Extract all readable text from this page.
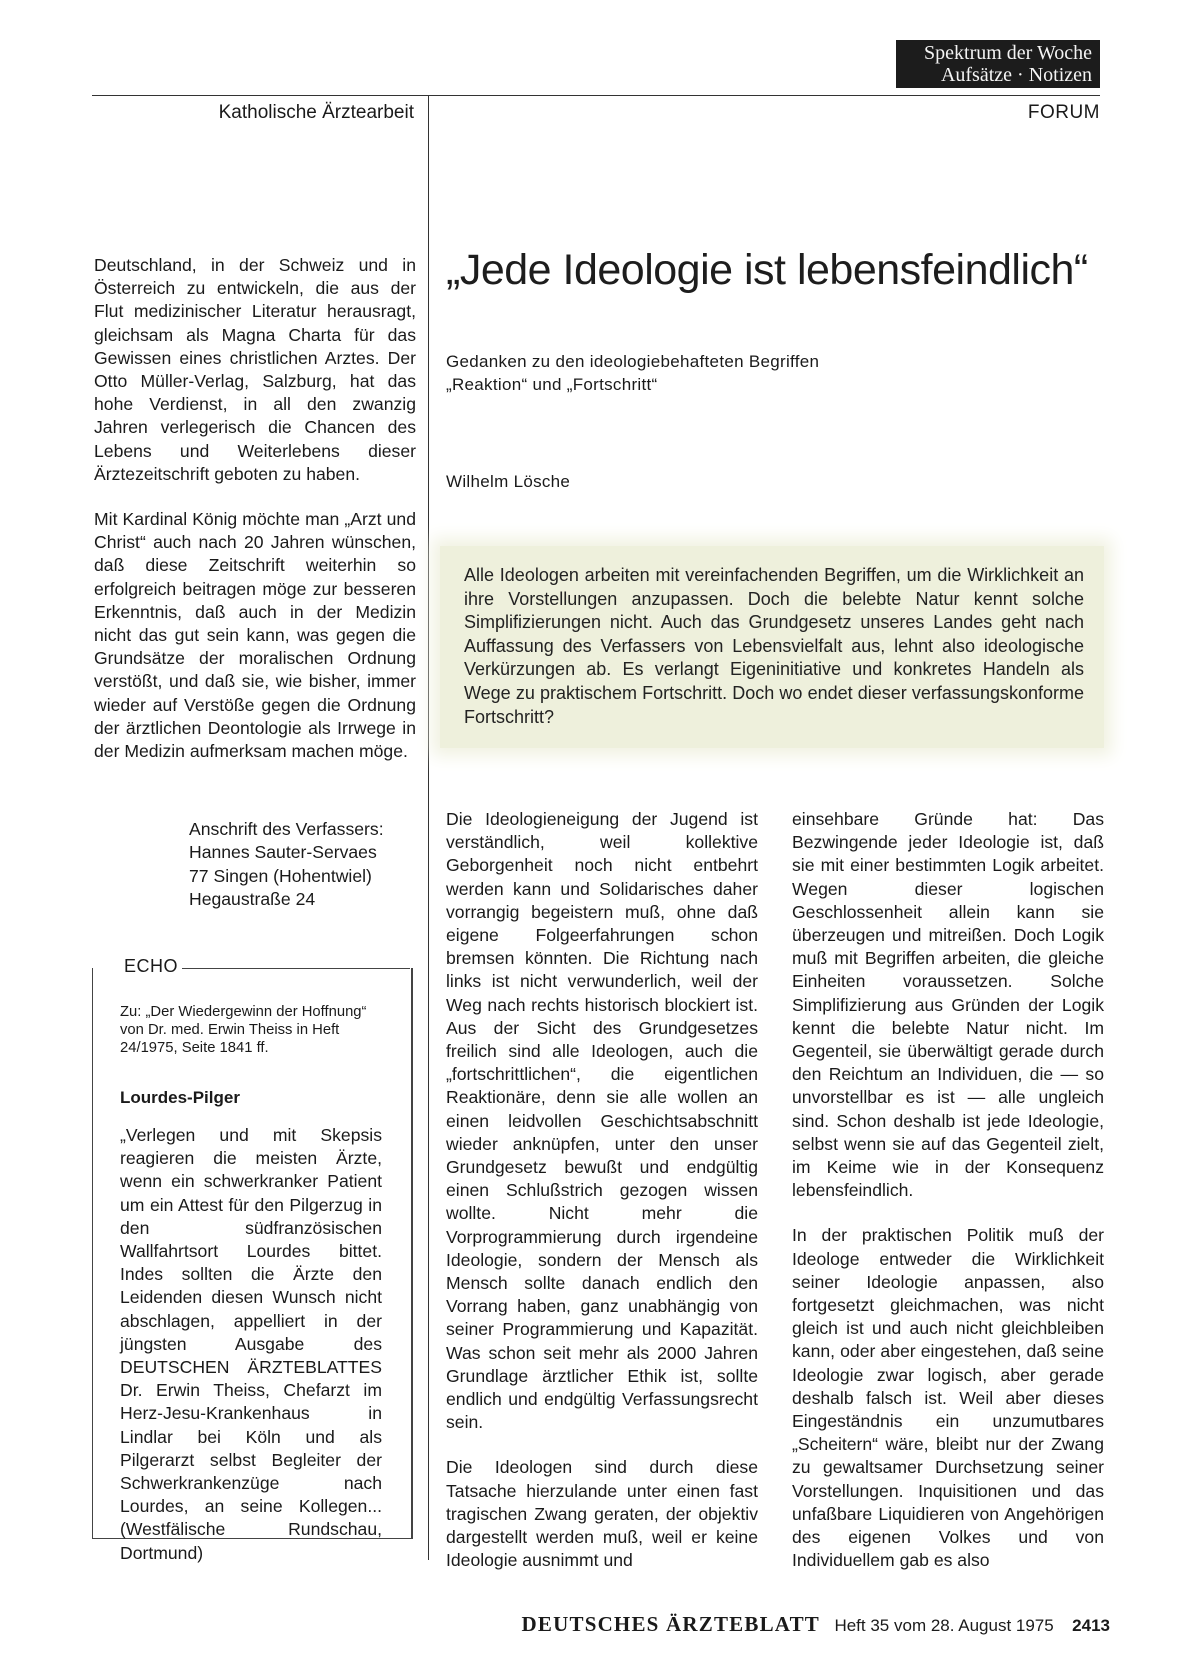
Spektrum der Woche
Aufsätze · Notizen
Katholische Ärztearbeit	FORUM

Deutschland, in der Schweiz und in Österreich zu entwickeln, die aus der Flut medizinischer Literatur herausragt, gleichsam als Magna Charta für das Gewissen eines christlichen Arztes. Der Otto Müller-Verlag, Salzburg, hat das hohe Verdienst, in all den zwanzig Jahren verlegerisch die Chancen des Lebens und Weiterlebens dieser Ärztezeitschrift geboten zu haben.

Mit Kardinal König möchte man „Arzt und Christ“ auch nach 20 Jahren wünschen, daß diese Zeitschrift weiterhin so erfolgreich beitragen möge zur besseren Erkenntnis, daß auch in der Medizin nicht das gut sein kann, was gegen die Grundsätze der moralischen Ordnung verstößt, und daß sie, wie bisher, immer wieder auf Verstöße gegen die Ordnung der ärztlichen Deontologie als Irrwege in der Medizin aufmerksam machen möge.

Anschrift des Verfassers:
Hannes Sauter-Servaes
77 Singen (Hohentwiel)
Hegaustraße 24
ECHO
Zu: „Der Wiedergewinn der Hoffnung“ von Dr. med. Erwin Theiss in Heft 24/1975, Seite 1841 ff.
Lourdes-Pilger
„Verlegen und mit Skepsis reagieren die meisten Ärzte, wenn ein schwerkranker Patient um ein Attest für den Pilgerzug in den südfranzösischen Wallfahrtsort Lourdes bittet. Indes sollten die Ärzte den Leidenden diesen Wunsch nicht abschlagen, appelliert in der jüngsten Ausgabe des DEUTSCHEN ÄRZTEBLATTES Dr. Erwin Theiss, Chefarzt im Herz-Jesu-Krankenhaus in Lindlar bei Köln und als Pilgerarzt selbst Begleiter der Schwerkrankenzüge nach Lourdes, an seine Kollegen... (Westfälische Rundschau, Dortmund)
„Jede Ideologie ist lebensfeindlich“
Gedanken zu den ideologiebehafteten Begriffen
„Reaktion“ und „Fortschritt“
Wilhelm Lösche
Alle Ideologen arbeiten mit vereinfachenden Begriffen, um die Wirklichkeit an ihre Vorstellungen anzupassen. Doch die belebte Natur kennt solche Simplifizierungen nicht. Auch das Grundgesetz unseres Landes geht nach Auffassung des Verfassers von Lebensvielfalt aus, lehnt also ideologische Verkürzungen ab. Es verlangt Eigeninitiative und konkretes Handeln als Wege zu praktischem Fortschritt. Doch wo endet dieser verfassungskonforme Fortschritt?

Die Ideologieneigung der Jugend ist verständlich, weil kollektive Geborgenheit noch nicht entbehrt werden kann und Solidarisches daher vorrangig begeistern muß, ohne daß eigene Folgeerfahrungen schon bremsen könnten. Die Richtung nach links ist nicht verwunderlich, weil der Weg nach rechts historisch blockiert ist. Aus der Sicht des Grundgesetzes freilich sind alle Ideologen, auch die „fortschrittlichen“, die eigentlichen Reaktionäre, denn sie alle wollen an einen leidvollen Geschichtsabschnitt wieder anknüpfen, unter den unser Grundgesetz bewußt und endgültig einen Schlußstrich gezogen wissen wollte. Nicht mehr die Vorprogrammierung durch irgendeine Ideologie, sondern der Mensch als Mensch sollte danach endlich den Vorrang haben, ganz unabhängig von seiner Programmierung und Kapazität. Was schon seit mehr als 2000 Jahren Grundlage ärztlicher Ethik ist, sollte endlich und endgültig Verfassungsrecht sein.

Die Ideologen sind durch diese Tatsache hierzulande unter einen fast tragischen Zwang geraten, der objektiv dargestellt werden muß, weil er keine Ideologie ausnimmt und

einsehbare Gründe hat: Das Bezwingende jeder Ideologie ist, daß sie mit einer bestimmten Logik arbeitet. Wegen dieser logischen Geschlossenheit allein kann sie überzeugen und mitreißen. Doch Logik muß mit Begriffen arbeiten, die gleiche Einheiten voraussetzen. Solche Simplifizierung aus Gründen der Logik kennt die belebte Natur nicht. Im Gegenteil, sie überwältigt gerade durch den Reichtum an Individuen, die — so unvorstellbar es ist — alle ungleich sind. Schon deshalb ist jede Ideologie, selbst wenn sie auf das Gegenteil zielt, im Keime wie in der Konsequenz lebensfeindlich.

In der praktischen Politik muß der Ideologe entweder die Wirklichkeit seiner Ideologie anpassen, also fortgesetzt gleichmachen, was nicht gleich ist und auch nicht gleichbleiben kann, oder aber eingestehen, daß seine Ideologie zwar logisch, aber gerade deshalb falsch ist. Weil aber dieses Eingeständnis ein unzumutbares „Scheitern“ wäre, bleibt nur der Zwang zu gewaltsamer Durchsetzung seiner Vorstellungen. Inquisitionen und das unfaßbare Liquidieren von Angehörigen des eigenen Volkes und von Individuellem gab es also

DEUTSCHES ÄRZTEBLATT Heft 35 vom 28. August 1975 2413
